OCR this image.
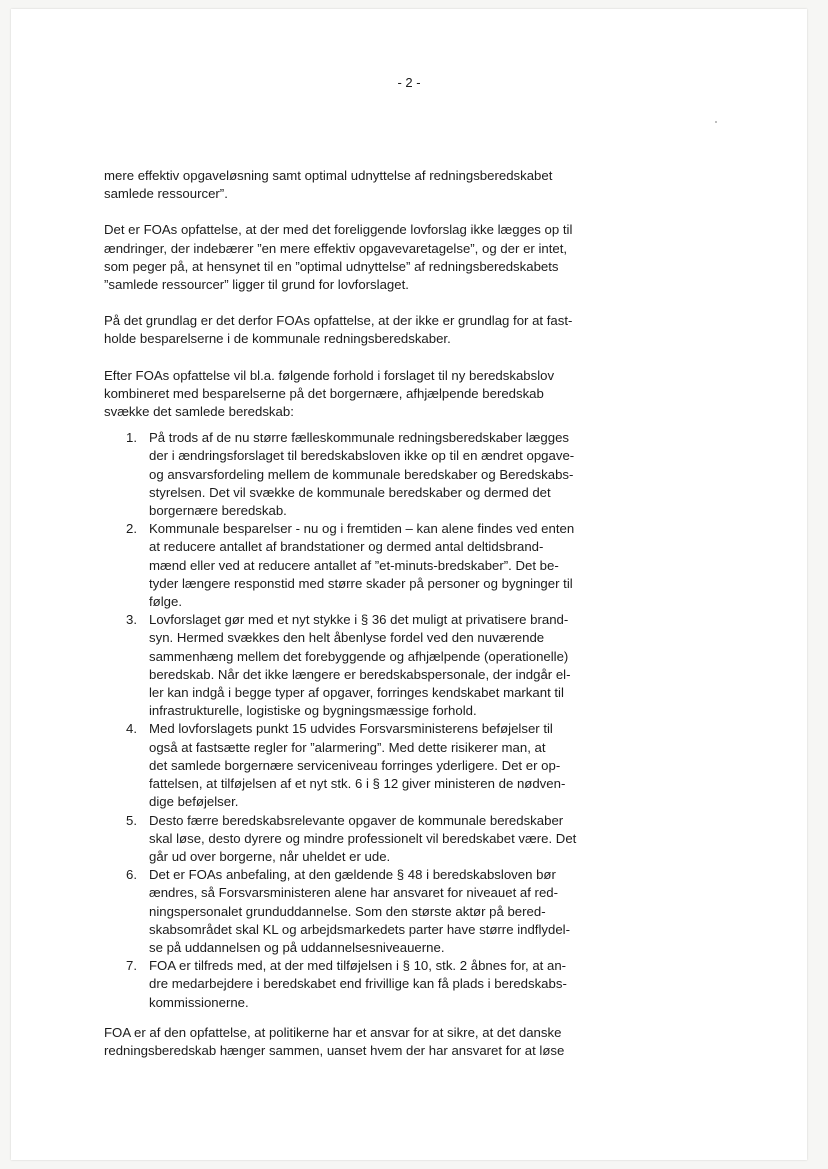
- 2 -

mere effektiv opgaveløsning samt optimal udnyttelse af redningsberedskabet
samlede ressourcer”.

Det er FOAs opfattelse, at der med det foreliggende lovforslag ikke lægges op til
ændringer, der indebærer ”en mere effektiv opgavevaretagelse”, og der er intet,
som peger på, at hensynet til en ”optimal udnyttelse” af redningsberedskabets
”samlede ressourcer” ligger til grund for lovforslaget.

På det grundlag er det derfor FOAs opfattelse, at der ikke er grundlag for at fast-
holde besparelserne i de kommunale redningsberedskaber.

Efter FOAs opfattelse vil bl.a. følgende forhold i forslaget til ny beredskabslov
kombineret med besparelserne på det borgernære, afhjælpende beredskab
svække det samlede beredskab:

1. På trods af de nu større fælleskommunale redningsberedskaber lægges
der i ændringsforslaget til beredskabsloven ikke op til en ændret opgave-
og ansvarsfordeling mellem de kommunale beredskaber og Beredskabs-
styrelsen. Det vil svække de kommunale beredskaber og dermed det
borgernære beredskab.
2. Kommunale besparelser - nu og i fremtiden – kan alene findes ved enten
at reducere antallet af brandstationer og dermed antal deltidsbrand-
mænd eller ved at reducere antallet af ”et-minuts-bredskaber”. Det be-
tyder længere responstid med større skader på personer og bygninger til
følge.
3. Lovforslaget gør med et nyt stykke i § 36 det muligt at privatisere brand-
syn. Hermed svækkes den helt åbenlyse fordel ved den nuværende
sammenhæng mellem det forebyggende og afhjælpende (operationelle)
beredskab. Når det ikke længere er beredskabspersonale, der indgår el-
ler kan indgå i begge typer af opgaver, forringes kendskabet markant til
infrastrukturelle, logistiske og bygningsmæssige forhold.
4. Med lovforslagets punkt 15 udvides Forsvarsministerens beføjelser til
også at fastsætte regler for ”alarmering”. Med dette risikerer man, at
det samlede borgernære serviceniveau forringes yderligere. Det er op-
fattelsen, at tilføjelsen af et nyt stk. 6 i § 12 giver ministeren de nødven-
dige beføjelser.
5. Desto færre beredskabsrelevante opgaver de kommunale beredskaber
skal løse, desto dyrere og mindre professionelt vil beredskabet være. Det
går ud over borgerne, når uheldet er ude.
6. Det er FOAs anbefaling, at den gældende § 48 i beredskabsloven bør
ændres, så Forsvarsministeren alene har ansvaret for niveauet af red-
ningspersonalet grunduddannelse. Som den største aktør på bered-
skabsområdet skal KL og arbejdsmarkedets parter have større indflydel-
se på uddannelsen og på uddannelsesniveauerne.
7. FOA er tilfreds med, at der med tilføjelsen i § 10, stk. 2 åbnes for, at an-
dre medarbejdere i beredskabet end frivillige kan få plads i beredskabs-
kommissionerne.

FOA er af den opfattelse, at politikerne har et ansvar for at sikre, at det danske
redningsberedskab hænger sammen, uanset hvem der har ansvaret for at løse
